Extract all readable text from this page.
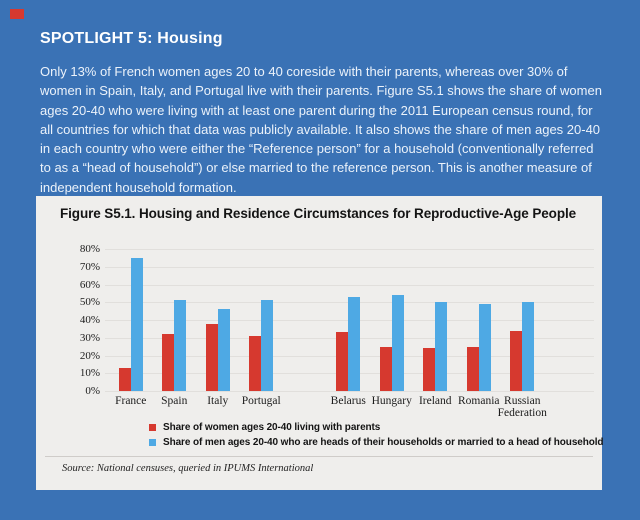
SPOTLIGHT 5: Housing
Only 13% of French women ages 20 to 40 coreside with their parents, whereas over 30% of women in Spain, Italy, and Portugal live with their parents. Figure S5.1 shows the share of women ages 20-40 who were living with at least one parent during the 2011 European census round, for all countries for which that data was publicly available. It also shows the share of men ages 20-40 in each country who were either the “Reference person” for a household (conventionally referred to as a “head of household”) or else married to the reference person. This is another measure of independent household formation.
Figure S5.1. Housing and Residence Circumstances for Reproductive-Age People
0%
10%
20%
30%
40%
50%
60%
70%
80%
France	Spain	Italy	Portugal	Belarus Hungary Ireland Romania Russian Federation
Share of women ages 20-40 living with parents
Share of men ages 20-40 who are heads of their households or married to a head of household
Source: National censuses, queried in IPUMS International
